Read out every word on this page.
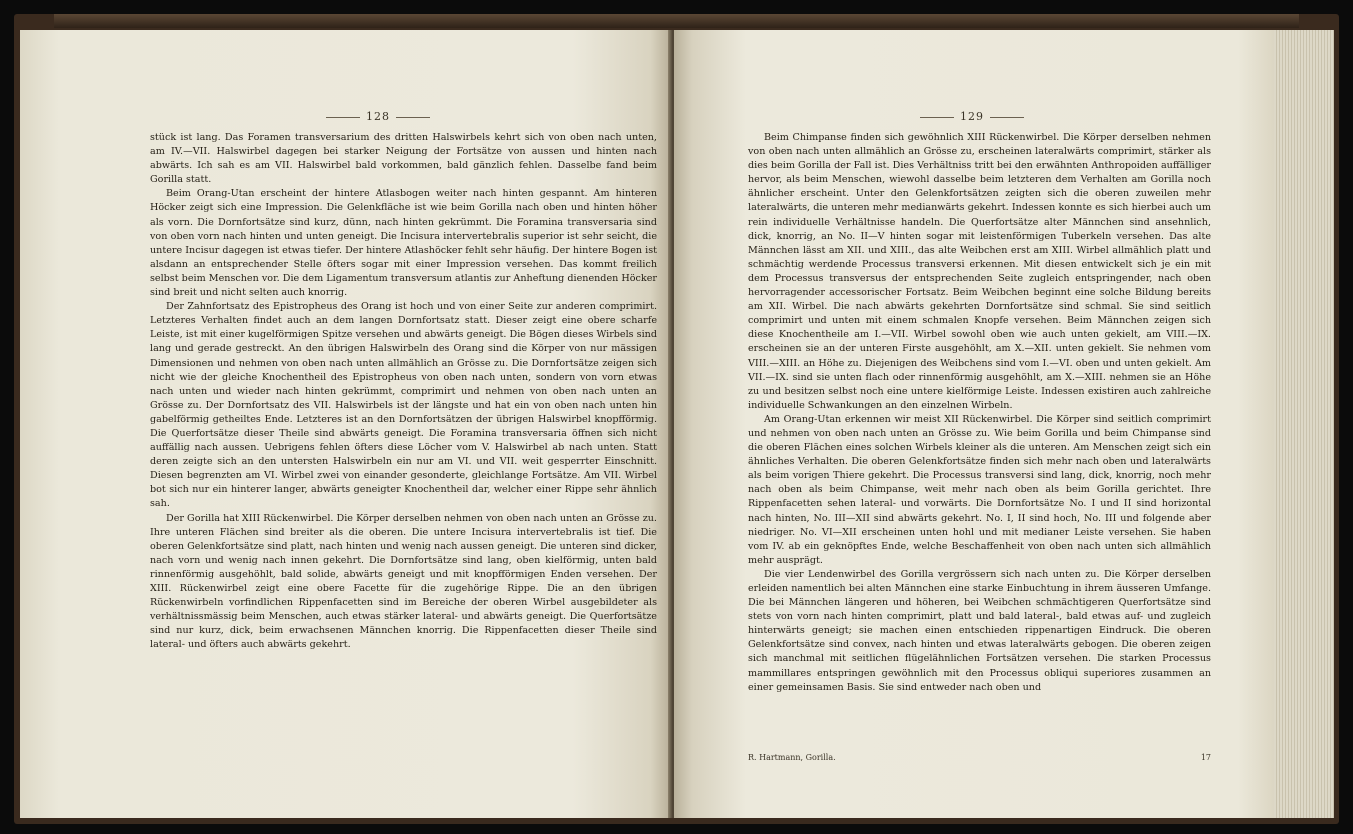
128

stück ist lang. Das Foramen transversarium des dritten Halswirbels kehrt sich von oben nach unten, am IV.—VII. Halswirbel dagegen bei starker Neigung der Fortsätze von aussen und hinten nach abwärts. Ich sah es am VII. Halswirbel bald vorkommen, bald gänzlich fehlen. Dasselbe fand beim Gorilla statt.

Beim Orang-Utan erscheint der hintere Atlasbogen weiter nach hinten gespannt. Am hinteren Höcker zeigt sich eine Impression. Die Gelenkfläche ist wie beim Gorilla nach oben und hinten höher als vorn. Die Dornfortsätze sind kurz, dünn, nach hinten gekrümmt. Die Foramina transversaria sind von oben vorn nach hinten und unten geneigt. Die Incisura intervertebralis superior ist sehr seicht, die untere Incisur dagegen ist etwas tiefer. Der hintere Atlashöcker fehlt sehr häufig. Der hintere Bogen ist alsdann an entsprechender Stelle öfters sogar mit einer Impression versehen. Das kommt freilich selbst beim Menschen vor. Die dem Ligamentum transversum atlantis zur Anheftung dienenden Höcker sind breit und nicht selten auch knorrig.

Der Zahnfortsatz des Epistropheus des Orang ist hoch und von einer Seite zur anderen comprimirt. Letzteres Verhalten findet auch an dem langen Dornfortsatz statt. Dieser zeigt eine obere scharfe Leiste, ist mit einer kugelförmigen Spitze versehen und abwärts geneigt. Die Bögen dieses Wirbels sind lang und gerade gestreckt. An den übrigen Halswirbeln des Orang sind die Körper von nur mässigen Dimensionen und nehmen von oben nach unten allmählich an Grösse zu. Die Dornfortsätze zeigen sich nicht wie der gleiche Knochentheil des Epistropheus von oben nach unten, sondern von vorn etwas nach unten und wieder nach hinten gekrümmt, comprimirt und nehmen von oben nach unten an Grösse zu. Der Dornfortsatz des VII. Halswirbels ist der längste und hat ein von oben nach unten hin gabelförmig getheiltes Ende. Letzteres ist an den Dornfortsätzen der übrigen Halswirbel knopfförmig. Die Querfortsätze dieser Theile sind abwärts geneigt. Die Foramina transversaria öffnen sich nicht auffällig nach aussen. Uebrigens fehlen öfters diese Löcher vom V. Halswirbel ab nach unten. Statt deren zeigte sich an den untersten Halswirbeln ein nur am VI. und VII. weit gesperrter Einschnitt. Diesen begrenzten am VI. Wirbel zwei von einander gesonderte, gleichlange Fortsätze. Am VII. Wirbel bot sich nur ein hinterer langer, abwärts geneigter Knochentheil dar, welcher einer Rippe sehr ähnlich sah.

Der Gorilla hat XIII Rückenwirbel. Die Körper derselben nehmen von oben nach unten an Grösse zu. Ihre unteren Flächen sind breiter als die oberen. Die untere Incisura intervertebralis ist tief. Die oberen Gelenkfortsätze sind platt, nach hinten und wenig nach aussen geneigt. Die unteren sind dicker, nach vorn und wenig nach innen gekehrt. Die Dornfortsätze sind lang, oben kielförmig, unten bald rinnenförmig ausgehöhlt, bald solide, abwärts geneigt und mit knopfförmigen Enden versehen. Der XIII. Rückenwirbel zeigt eine obere Facette für die zugehörige Rippe. Die an den übrigen Rückenwirbeln vorfindlichen Rippenfacetten sind im Bereiche der oberen Wirbel ausgebildeter als verhältnissmässig beim Menschen, auch etwas stärker lateral- und abwärts geneigt. Die Querfortsätze sind nur kurz, dick, beim erwachsenen Männchen knorrig. Die Rippenfacetten dieser Theile sind lateral- und öfters auch abwärts gekehrt.

129

Beim Chimpanse finden sich gewöhnlich XIII Rückenwirbel. Die Körper derselben nehmen von oben nach unten allmählich an Grösse zu, erscheinen lateralwärts comprimirt, stärker als dies beim Gorilla der Fall ist. Dies Verhältniss tritt bei den erwähnten Anthropoiden auffälliger hervor, als beim Menschen, wiewohl dasselbe beim letzteren dem Verhalten am Gorilla noch ähnlicher erscheint. Unter den Gelenkfortsätzen zeigten sich die oberen zuweilen mehr lateralwärts, die unteren mehr medianwärts gekehrt. Indessen konnte es sich hierbei auch um rein individuelle Verhältnisse handeln. Die Querfortsätze alter Männchen sind ansehnlich, dick, knorrig, an No. II—V hinten sogar mit leistenförmigen Tuberkeln versehen. Das alte Männchen lässt am XII. und XIII., das alte Weibchen erst am XIII. Wirbel allmählich platt und schmächtig werdende Processus transversi erkennen. Mit diesen entwickelt sich je ein mit dem Processus transversus der entsprechenden Seite zugleich entspringender, nach oben hervorragender accessorischer Fortsatz. Beim Weibchen beginnt eine solche Bildung bereits am XII. Wirbel. Die nach abwärts gekehrten Dornfortsätze sind schmal. Sie sind seitlich comprimirt und unten mit einem schmalen Knopfe versehen. Beim Männchen zeigen sich diese Knochentheile am I.—VII. Wirbel sowohl oben wie auch unten gekielt, am VIII.—IX. erscheinen sie an der unteren Firste ausgehöhlt, am X.—XII. unten gekielt. Sie nehmen vom VIII.—XIII. an Höhe zu. Diejenigen des Weibchens sind vom I.—VI. oben und unten gekielt. Am VII.—IX. sind sie unten flach oder rinnenförmig ausgehöhlt, am X.—XIII. nehmen sie an Höhe zu und besitzen selbst noch eine untere kielförmige Leiste. Indessen existiren auch zahlreiche individuelle Schwankungen an den einzelnen Wirbeln.

Am Orang-Utan erkennen wir meist XII Rückenwirbel. Die Körper sind seitlich comprimirt und nehmen von oben nach unten an Grösse zu. Wie beim Gorilla und beim Chimpanse sind die oberen Flächen eines solchen Wirbels kleiner als die unteren. Am Menschen zeigt sich ein ähnliches Verhalten. Die oberen Gelenkfortsätze finden sich mehr nach oben und lateralwärts als beim vorigen Thiere gekehrt. Die Processus transversi sind lang, dick, knorrig, noch mehr nach oben als beim Chimpanse, weit mehr nach oben als beim Gorilla gerichtet. Ihre Rippenfacetten sehen lateral- und vorwärts. Die Dornfortsätze No. I und II sind horizontal nach hinten, No. III—XII sind abwärts gekehrt. No. I, II sind hoch, No. III und folgende aber niedriger. No. VI—XII erscheinen unten hohl und mit medianer Leiste versehen. Sie haben vom IV. ab ein geknöpftes Ende, welche Beschaffenheit von oben nach unten sich allmählich mehr ausprägt.

Die vier Lendenwirbel des Gorilla vergrössern sich nach unten zu. Die Körper derselben erleiden namentlich bei alten Männchen eine starke Einbuchtung in ihrem äusseren Umfange. Die bei Männchen längeren und höheren, bei Weibchen schmächtigeren Querfortsätze sind stets von vorn nach hinten comprimirt, platt und bald lateral-, bald etwas auf- und zugleich hinterwärts geneigt; sie machen einen entschieden rippenartigen Eindruck. Die oberen Gelenkfortsätze sind convex, nach hinten und etwas lateralwärts gebogen. Die oberen zeigen sich manchmal mit seitlichen flügelähnlichen Fortsätzen versehen. Die starken Processus mammillares entspringen gewöhnlich mit den Processus obliqui superiores zusammen an einer gemeinsamen Basis. Sie sind entweder nach oben und

R. Hartmann, Gorilla.	17
